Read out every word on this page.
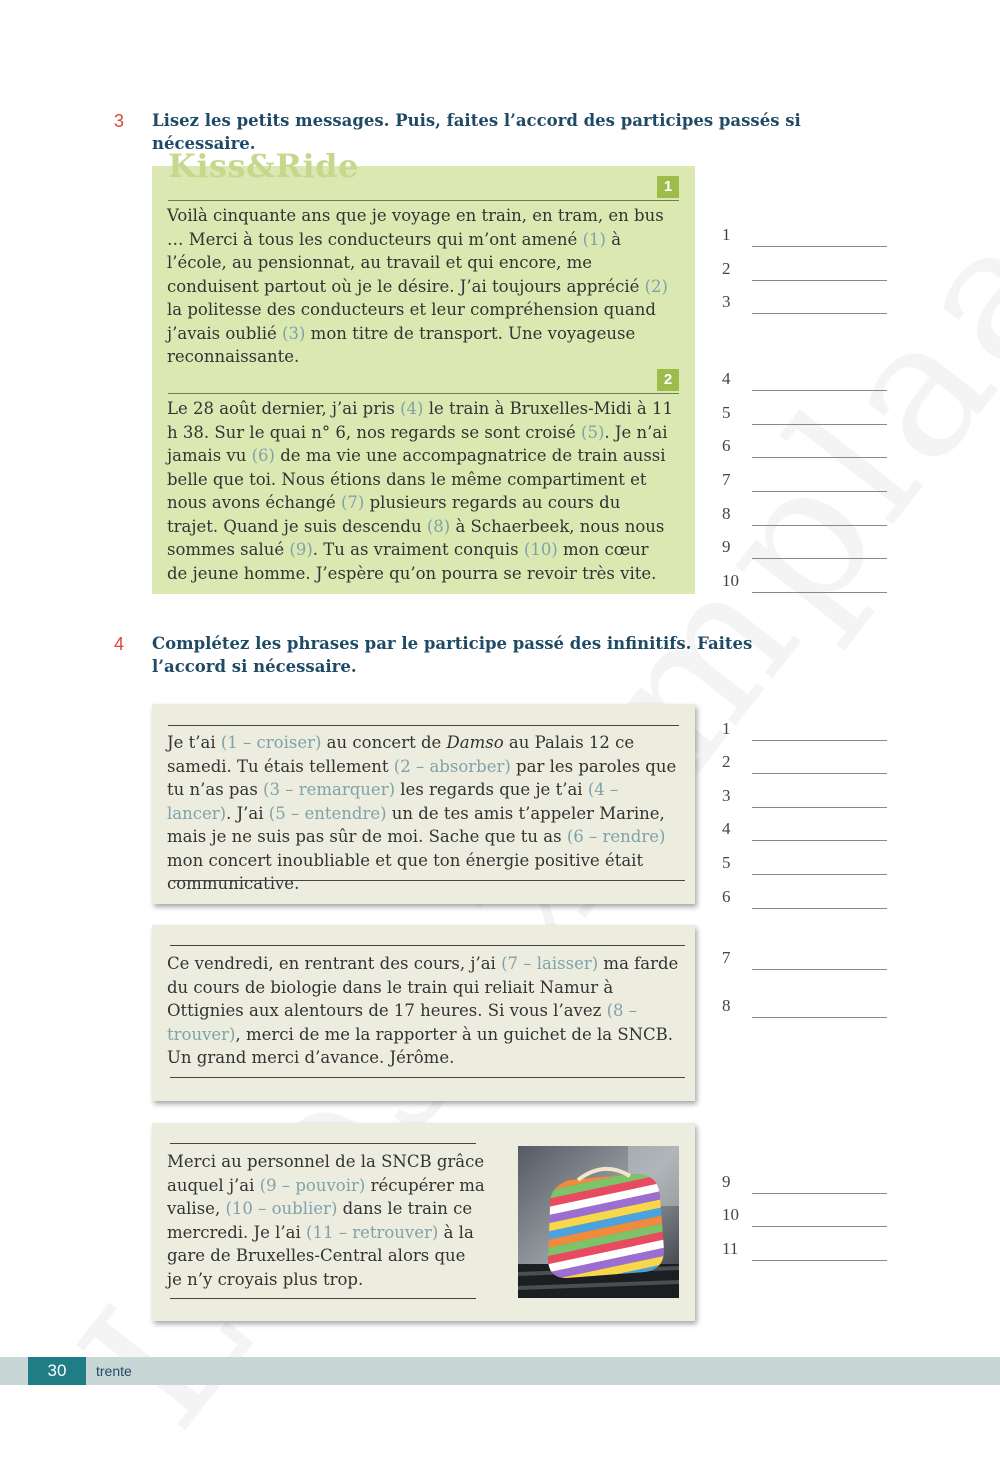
3 Lisez les petits messages. Puis, faites l’accord des participes passés si nécessaire.
1
Voilà cinquante ans que je voyage en train, en tram, en bus … Merci à tous les conducteurs qui m’ont amené (1) à l’école, au pensionnat, au travail et qui encore, me conduisent partout où je le désire. J’ai toujours apprécié (2) la politesse des conducteurs et leur compréhension quand j’avais oublié (3) mon titre de transport. Une voyageuse reconnaissante.
2
Le 28 août dernier, j’ai pris (4) le train à Bruxelles-Midi à 11 h 38. Sur le quai n° 6, nos regards se sont croisé (5). Je n’ai jamais vu (6) de ma vie une accompagnatrice de train aussi belle que toi. Nous étions dans le même compartiment et nous avons échangé (7) plusieurs regards au cours du trajet. Quand je suis descendu (8) à Schaerbeek, nous nous sommes salué (9). Tu as vraiment conquis (10) mon cœur de jeune homme. J’espère qu’on pourra se revoir très vite.
Kiss&Ride
1
2
3
4
5
6
7
8
9
10
4 Complétez les phrases par le participe passé des infinitifs. Faites l’accord si nécessaire.
Je t’ai (1 – croiser) au concert de Damso au Palais 12 ce samedi. Tu étais tellement (2 – absorber) par les paroles que tu n’as pas (3 – remarquer) les regards que je t’ai (4 – lancer). J’ai (5 – entendre) un de tes amis t’appeler Marine, mais je ne suis pas sûr de moi. Sache que tu as (6 – rendre) mon concert inoubliable et que ton énergie positive était communicative.
Ce vendredi, en rentrant des cours, j’ai (7 – laisser) ma farde du cours de biologie dans le train qui reliait Namur à Ottignies aux alentours de 17 heures. Si vous l’avez (8 – trouver), merci de me la rapporter à un guichet de la SNCB. Un grand merci d’avance. Jérôme.
Merci au personnel de la SNCB grâce auquel j’ai (9 – pouvoir) récupérer ma valise, (10 – oublier) dans le train ce mercredi. Je l’ai (11 – retrouver) à la gare de Bruxelles-Central alors que je n’y croyais plus trop.
1
2
3
4
5
6
7
8
9
10
11
30	trente
